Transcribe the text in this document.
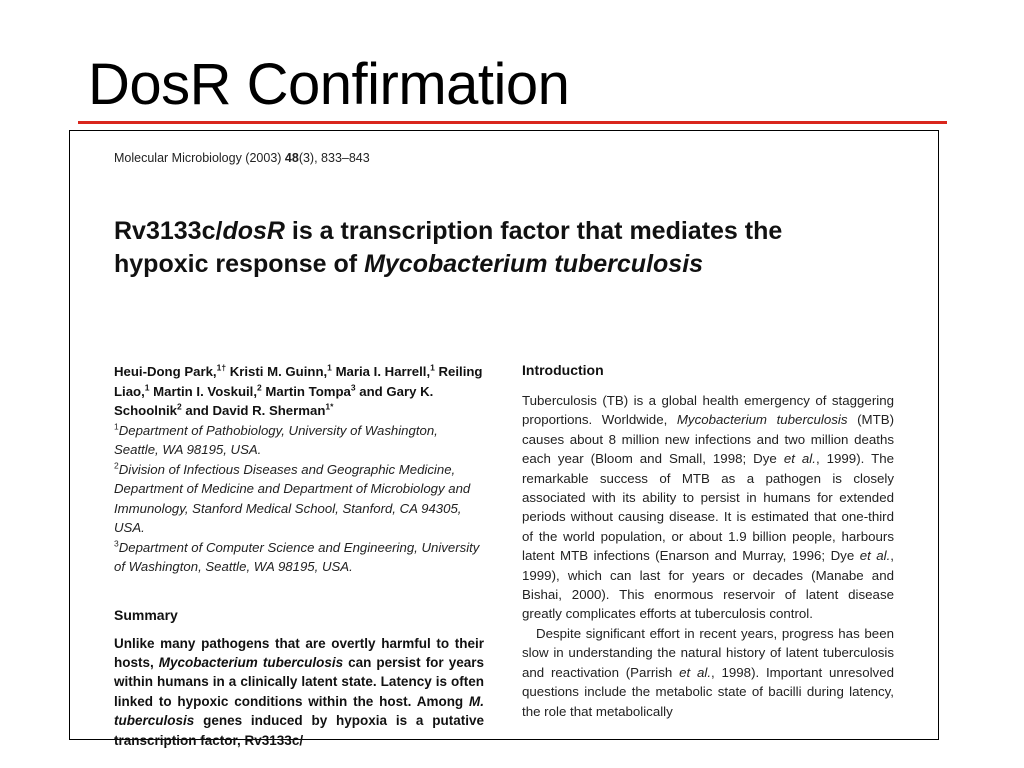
DosR Confirmation
Molecular Microbiology (2003) 48(3), 833–843
Rv3133c/dosR is a transcription factor that mediates the
hypoxic response of Mycobacterium tuberculosis
Heui-Dong Park,$^{1\dagger}$ Kristi M. Guinn,$^1$ Maria I. Harrell,$^1$ Reiling Liao,$^1$ Martin I. Voskuil,$^2$ Martin Tompa$^3$ and Gary K. Schoolnik$^2$ and David R. Sherman$^{1*}$
$^1$Department of Pathobiology, University of Washington, Seattle, WA 98195, USA.
$^2$Division of Infectious Diseases and Geographic Medicine, Department of Medicine and Department of Microbiology and Immunology, Stanford Medical School, Stanford, CA 94305, USA.
$^3$Department of Computer Science and Engineering, University of Washington, Seattle, WA 98195, USA.
Summary
Unlike many pathogens that are overtly harmful to their hosts, Mycobacterium tuberculosis can persist for years within humans in a clinically latent state. Latency is often linked to hypoxic conditions within the host. Among M. tuberculosis genes induced by hypoxia is a putative transcription factor, Rv3133c/
Introduction

Tuberculosis (TB) is a global health emergency of staggering proportions. Worldwide, Mycobacterium tuberculosis (MTB) causes about 8 million new infections and two million deaths each year (Bloom and Small, 1998; Dye et al., 1999). The remarkable success of MTB as a pathogen is closely associated with its ability to persist in humans for extended periods without causing disease. It is estimated that one-third of the world population, or about 1.9 billion people, harbours latent MTB infections (Enarson and Murray, 1996; Dye et al., 1999), which can last for years or decades (Manabe and Bishai, 2000). This enormous reservoir of latent disease greatly complicates efforts at tuberculosis control.

Despite significant effort in recent years, progress has been slow in understanding the natural history of latent tuberculosis and reactivation (Parrish et al., 1998). Important unresolved questions include the metabolic state of bacilli during latency, the role that metabolically
